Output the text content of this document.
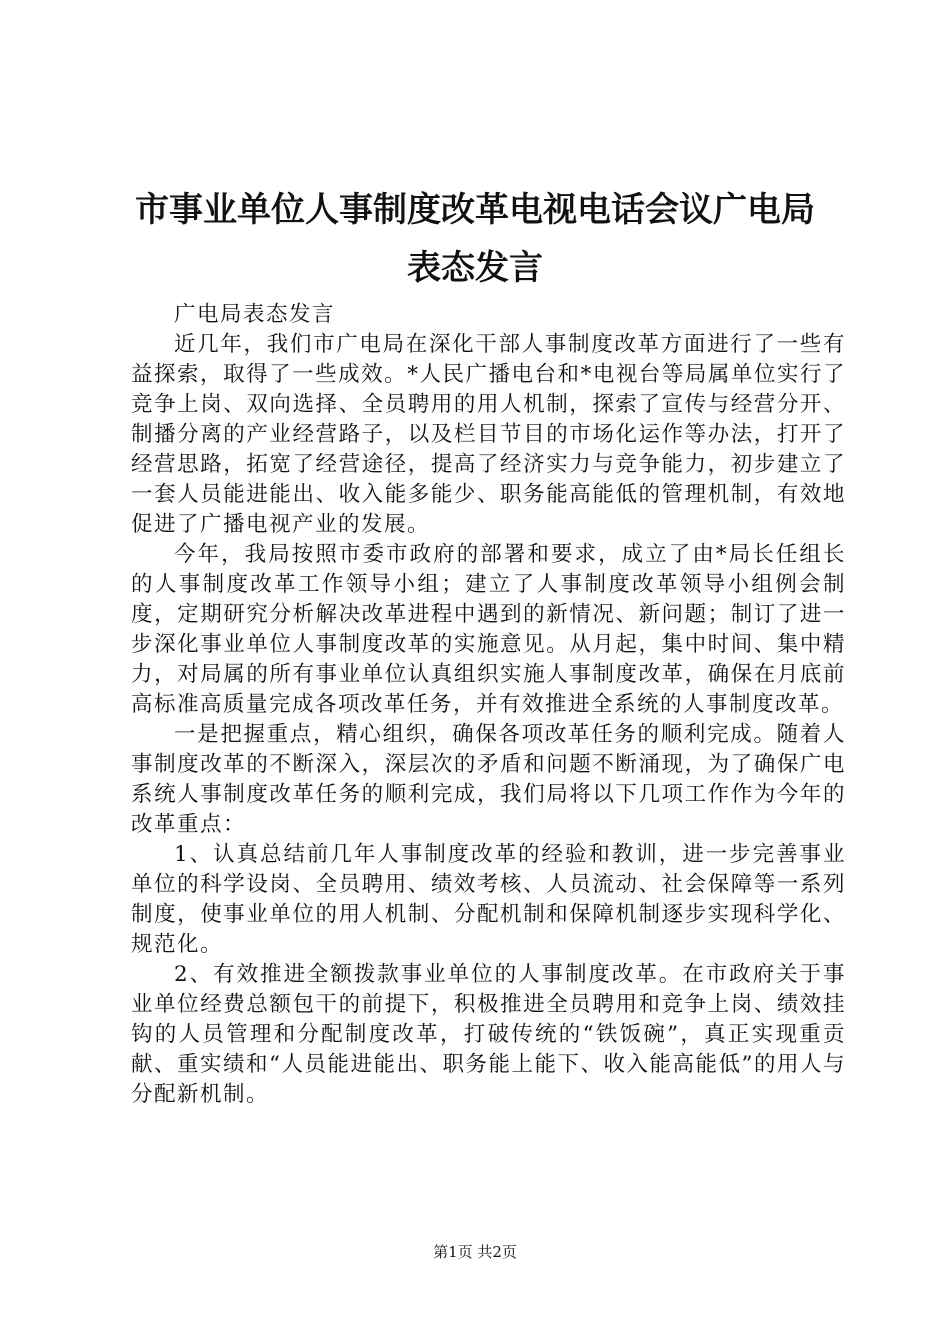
市事业单位人事制度改革电视电话会议广电局
表态发言

广电局表态发言

近几年，我们市广电局在深化干部人事制度改革方面进行了一些有益探索，取得了一些成效。*人民广播电台和*电视台等局属单位实行了竞争上岗、双向选择、全员聘用的用人机制，探索了宣传与经营分开、制播分离的产业经营路子，以及栏目节目的市场化运作等办法，打开了经营思路，拓宽了经营途径，提高了经济实力与竞争能力，初步建立了一套人员能进能出、收入能多能少、职务能高能低的管理机制，有效地促进了广播电视产业的发展。

今年，我局按照市委市政府的部署和要求，成立了由*局长任组长的人事制度改革工作领导小组；建立了人事制度改革领导小组例会制度，定期研究分析解决改革进程中遇到的新情况、新问题；制订了进一步深化事业单位人事制度改革的实施意见。从月起，集中时间、集中精力，对局属的所有事业单位认真组织实施人事制度改革，确保在月底前高标准高质量完成各项改革任务，并有效推进全系统的人事制度改革。

一是把握重点，精心组织，确保各项改革任务的顺利完成。随着人事制度改革的不断深入，深层次的矛盾和问题不断涌现，为了确保广电系统人事制度改革任务的顺利完成，我们局将以下几项工作作为今年的改革重点：

1、认真总结前几年人事制度改革的经验和教训，进一步完善事业单位的科学设岗、全员聘用、绩效考核、人员流动、社会保障等一系列制度，使事业单位的用人机制、分配机制和保障机制逐步实现科学化、规范化。

2、有效推进全额拨款事业单位的人事制度改革。在市政府关于事业单位经费总额包干的前提下，积极推进全员聘用和竞争上岗、绩效挂钩的人员管理和分配制度改革，打破传统的“铁饭碗”，真正实现重贡献、重实绩和“人员能进能出、职务能上能下、收入能高能低”的用人与分配新机制。

第1页 共2页
